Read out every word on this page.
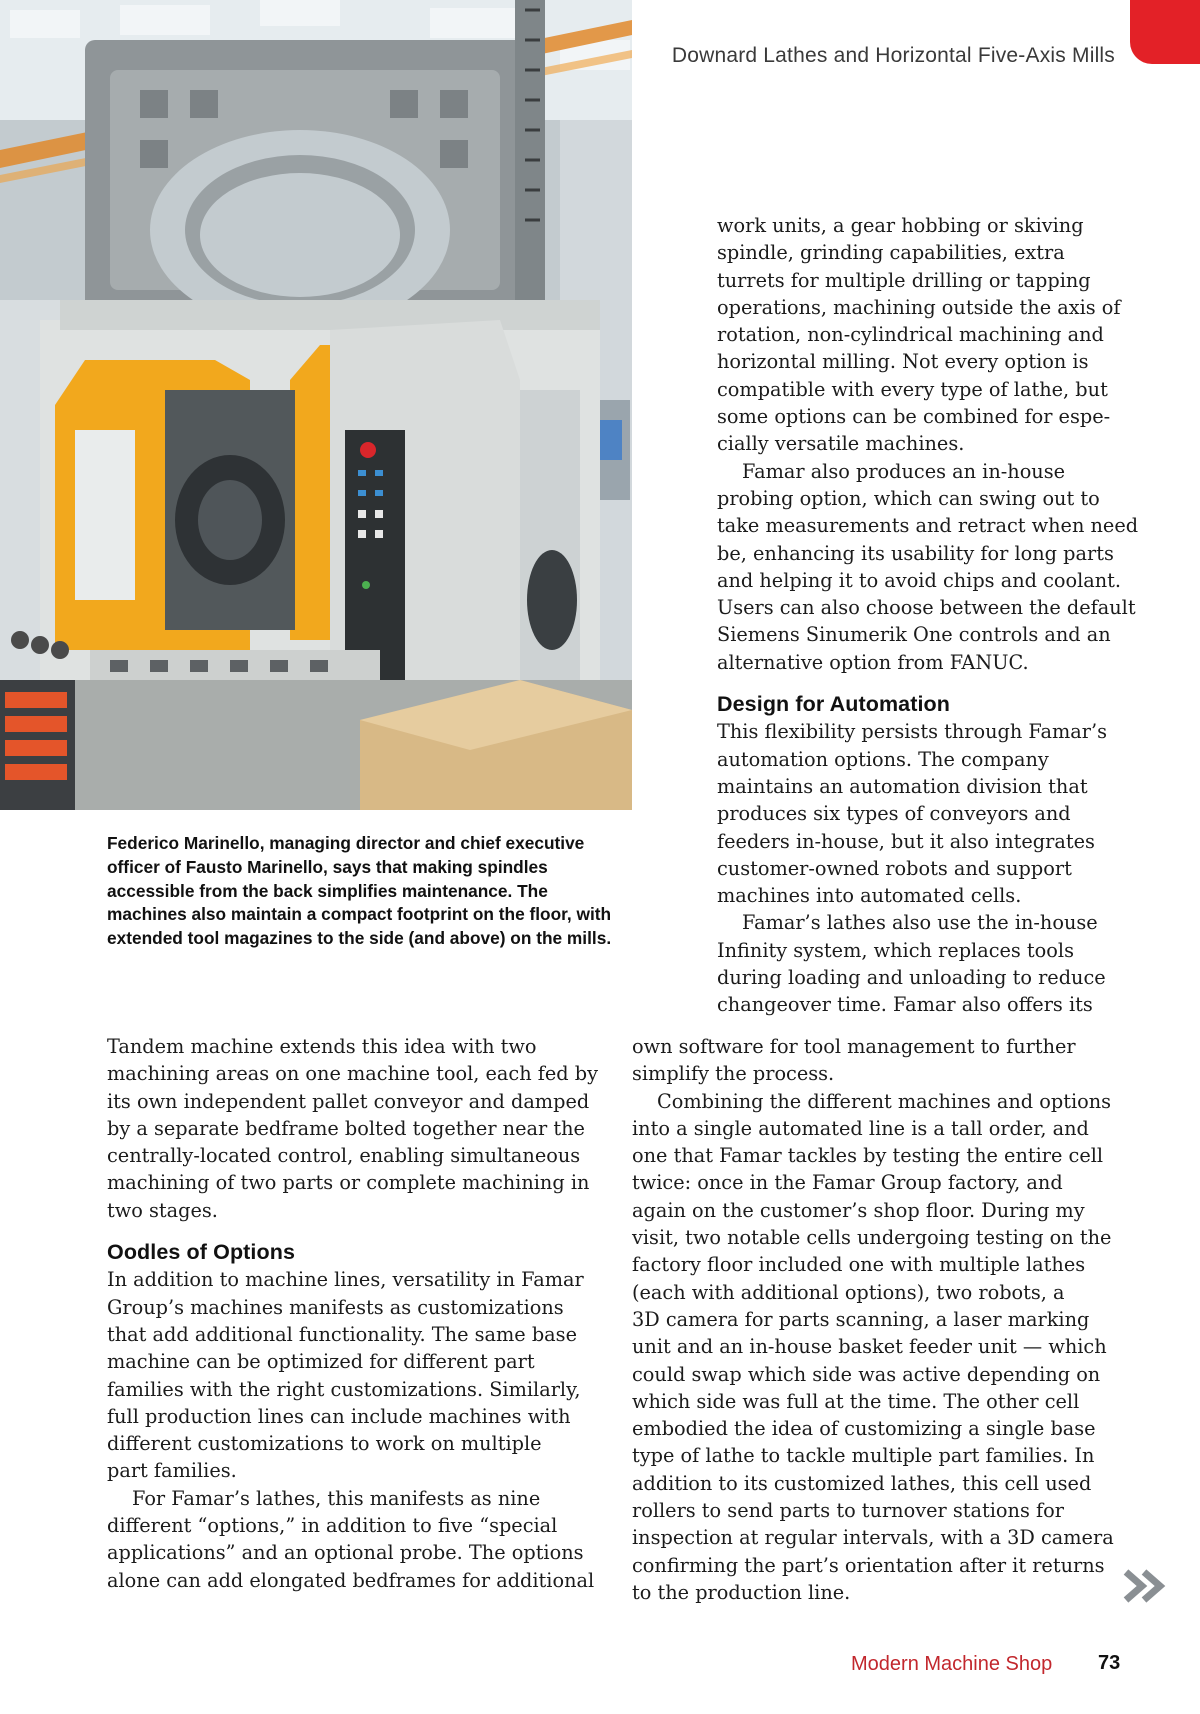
Downard Lathes and Horizontal Five-Axis Mills
Federico Marinello, managing director and chief executive
officer of Fausto Marinello, says that making spindles
accessible from the back simplifies maintenance. The
machines also maintain a compact footprint on the floor, with
extended tool magazines to the side (and above) on the mills.
work units, a gear hobbing or skiving
spindle, grinding capabilities, extra
turrets for multiple drilling or tapping
operations, machining outside the axis of
rotation, non-cylindrical machining and
horizontal milling. Not every option is
compatible with every type of lathe, but
some options can be combined for espe-
cially versatile machines.
Famar also produces an in-house
probing option, which can swing out to
take measurements and retract when need
be, enhancing its usability for long parts
and helping it to avoid chips and coolant.
Users can also choose between the default
Siemens Sinumerik One controls and an
alternative option from FANUC.
Design for Automation
This flexibility persists through Famar’s
automation options. The company
maintains an automation division that
produces six types of conveyors and
feeders in-house, but it also integrates
customer-owned robots and support
machines into automated cells.
Famar’s lathes also use the in-house
Infinity system, which replaces tools
during loading and unloading to reduce
changeover time. Famar also offers its
Tandem machine extends this idea with two
machining areas on one machine tool, each fed by
its own independent pallet conveyor and damped
by a separate bedframe bolted together near the
centrally-located control, enabling simultaneous
machining of two parts or complete machining in
two stages.
Oodles of Options
In addition to machine lines, versatility in Famar
Group’s machines manifests as customizations
that add additional functionality. The same base
machine can be optimized for different part
families with the right customizations. Similarly,
full production lines can include machines with
different customizations to work on multiple
part families.
For Famar’s lathes, this manifests as nine
different “options,” in addition to five “special
applications” and an optional probe. The options
alone can add elongated bedframes for additional
own software for tool management to further
simplify the process.
Combining the different machines and options
into a single automated line is a tall order, and
one that Famar tackles by testing the entire cell
twice: once in the Famar Group factory, and
again on the customer’s shop floor. During my
visit, two notable cells undergoing testing on the
factory floor included one with multiple lathes
(each with additional options), two robots, a
3D camera for parts scanning, a laser marking
unit and an in-house basket feeder unit — which
could swap which side was active depending on
which side was full at the time. The other cell
embodied the idea of customizing a single base
type of lathe to tackle multiple part families. In
addition to its customized lathes, this cell used
rollers to send parts to turnover stations for
inspection at regular intervals, with a 3D camera
confirming the part’s orientation after it returns
to the production line.
Modern Machine Shop 73
